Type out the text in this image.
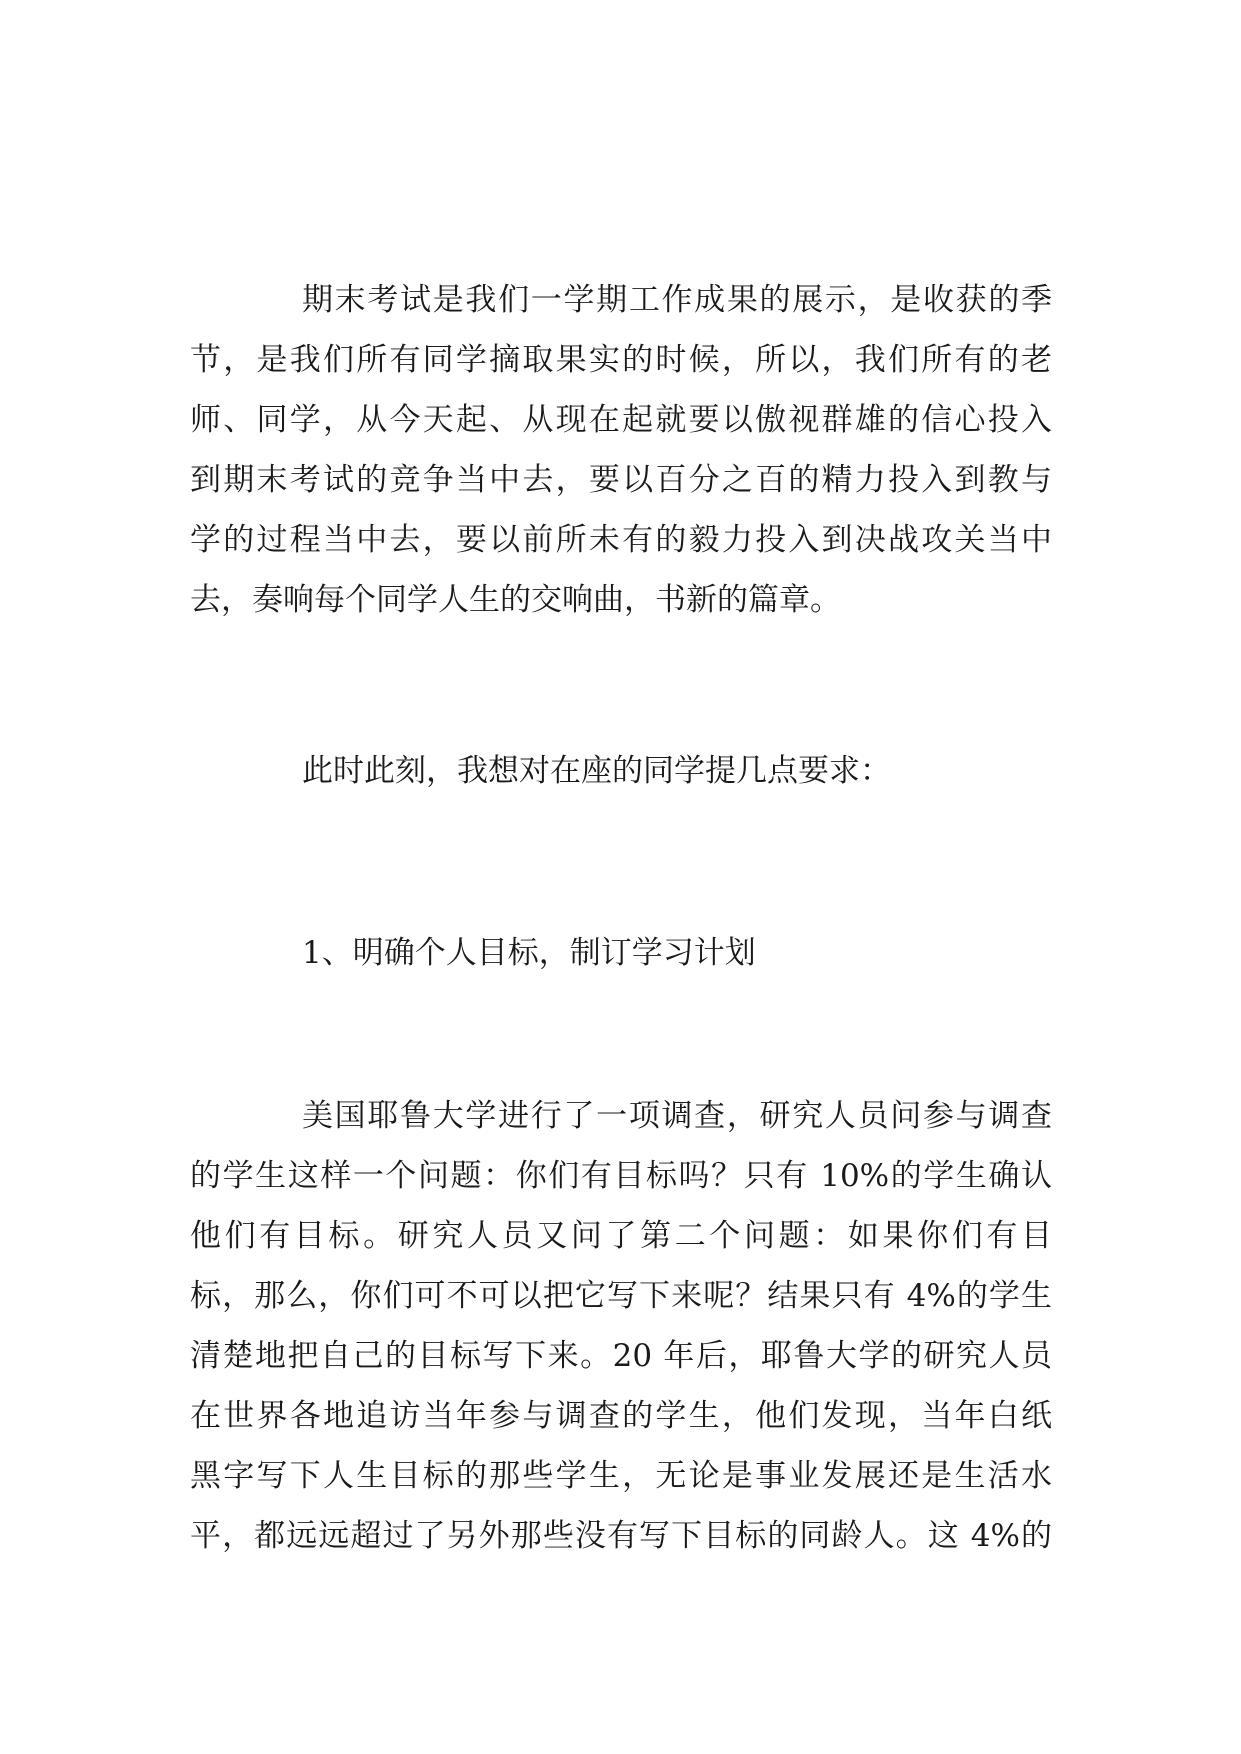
期末考试是我们一学期工作成果的展示，是收获的季
节，是我们所有同学摘取果实的时候，所以，我们所有的老
师、同学，从今天起、从现在起就要以傲视群雄的信心投入
到期末考试的竞争当中去，要以百分之百的精力投入到教与
学的过程当中去，要以前所未有的毅力投入到决战攻关当中
去，奏响每个同学人生的交响曲，书新的篇章。
此时此刻，我想对在座的同学提几点要求：
1、明确个人目标，制订学习计划
美国耶鲁大学进行了一项调查，研究人员问参与调查
的学生这样一个问题：你们有目标吗？只有 10%的学生确认
他们有目标。研究人员又问了第二个问题：如果你们有目
标，那么，你们可不可以把它写下来呢？结果只有 4%的学生
清楚地把自己的目标写下来。20 年后，耶鲁大学的研究人员
在世界各地追访当年参与调查的学生，他们发现，当年白纸
黑字写下人生目标的那些学生，无论是事业发展还是生活水
平，都远远超过了另外那些没有写下目标的同龄人。这 4%的
